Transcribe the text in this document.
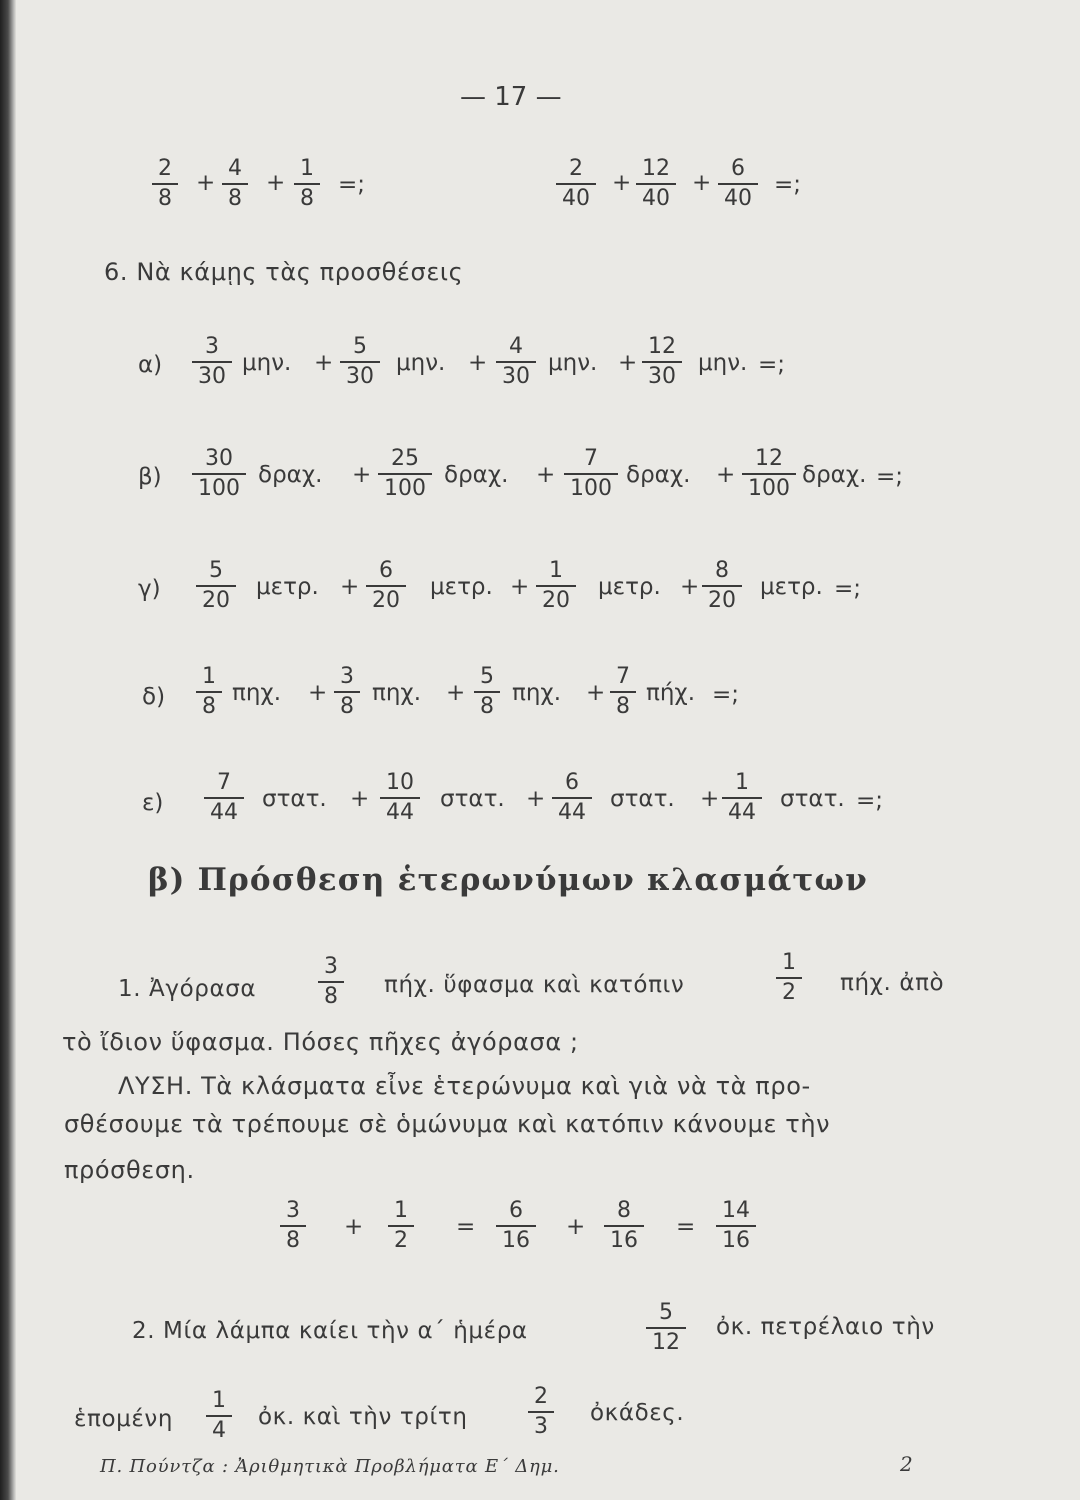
— 17 —
$\frac{2}{8} + \frac{4}{8} + \frac{1}{8}$ =;	$\frac{2}{40} + \frac{12}{40} + \frac{6}{40}$ =;
6. Νὰ κάμῃς τὰς προσθέσεις
$\alpha) \frac{3}{30} \mu\eta\nu$. + $\frac{5}{30} \mu\eta\nu$. + $\frac{4}{30} \mu\eta\nu$. + $\frac{12}{30} \mu\eta\nu$. =;
$\beta) \frac{30}{100} \delta\rho\alpha\chi$. + $\frac{25}{100} \delta\rho\alpha\chi$. + $\frac{7}{100} \delta\rho\alpha\chi$. + $\frac{12}{100} \delta\rho\alpha\chi$. =;
$\gamma) \frac{5}{20} \mu\varepsilon\tau\rho$. + $\frac{6}{20} \mu\varepsilon\tau\rho$. + $\frac{1}{20} \mu\varepsilon\tau\rho$. + $\frac{8}{20} \mu\varepsilon\tau\rho$. =;
$\delta) \frac{1}{8} \pi\eta\chi$. + $\frac{3}{8} \pi\eta\chi$. + $\frac{5}{8} \pi\eta\chi$. + $\frac{7}{8} \pi ή\chi$. =;
$\varepsilon) \frac{7}{44} \sigma\tau\alpha\tau$. + $\frac{10}{44} \sigma\tau\alpha\tau$. + $\frac{6}{44} \sigma\tau\alpha\tau$. + $\frac{1}{44} \sigma\tau\alpha\tau$. =;
β) Πρόσθεση ἑτερωνύμων κλασμάτων
1. Ἀγόρασα	$\frac{3}{8} \pi ή\chi$. ὕφασμα καὶ κατόπιν	$\frac{1}{2} \pi ή\chi$. ἀπὸ
τὸ ἴδιον ὕφασμα. Πόσες πῆχες ἀγόρασα ;
ΛΥΣΗ. Τὰ κλάσματα εἶνε ἑτερώνυμα καὶ γιὰ νὰ τὰ προ-
σθέσουμε τὰ τρέπουμε σὲ ὁμώνυμα καὶ κατόπιν κάνουμε τὴν
πρόσθεση.
$\frac{3}{8} + \frac{1}{2} = \frac{6}{16} + \frac{8}{16} = \frac{14}{16}$
2. Μία λάμπα καίει τὴν α΄ ἡμέρα	$\frac{5}{12}$ ὀκ. πετρέλαιο τὴν
ἑπομένη $\frac{1}{4}$ ὀκ. καὶ τὴν τρίτη	$\frac{2}{3}$ ὀκάδες.
Π. Πούντζα : Ἀριθμητικὰ Προβλήματα Ε΄ Δημ.	2
